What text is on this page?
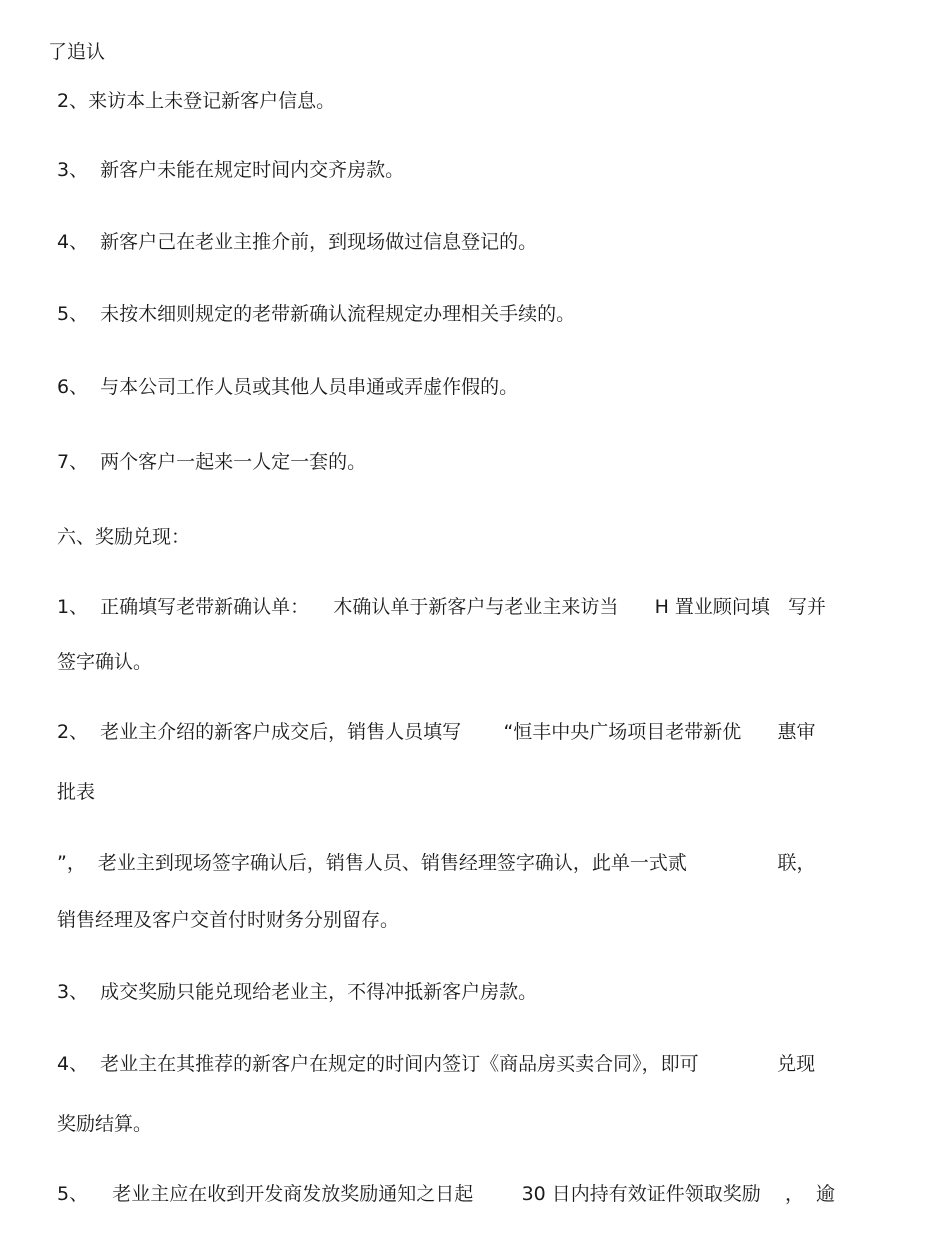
了追认
2、来访本上未登记新客户信息。
3、  新客户未能在规定时间内交齐房款。
4、  新客户己在老业主推介前，到现场做过信息登记的。
5、  未按木细则规定的老带新确认流程规定办理相关手续的。
6、  与本公司工作人员或其他人员串通或弄虚作假的。
7、  两个客户一起来一人定一套的。
六、奖励兑现：
1、  正确填写老带新确认单：    木确认单于新客户与老业主来访当      H 置业顾问填   写并
签字确认。
2、  老业主介绍的新客户成交后，销售人员填写       “恒丰中央广场项目老带新优      惠审
批表
”，  老业主到现场签字确认后，销售人员、销售经理签字确认，此单一式贰               联，
销售经理及客户交首付时财务分别留存。
3、  成交奖励只能兑现给老业主，不得冲抵新客户房款。
4、  老业主在其推荐的新客户在规定的时间内签订《商品房买卖合同》，即可             兑现
奖励结算。
5、    老业主应在收到开发商发放奖励通知之日起        30 日内持有效证件领取奖励    ，  逾
